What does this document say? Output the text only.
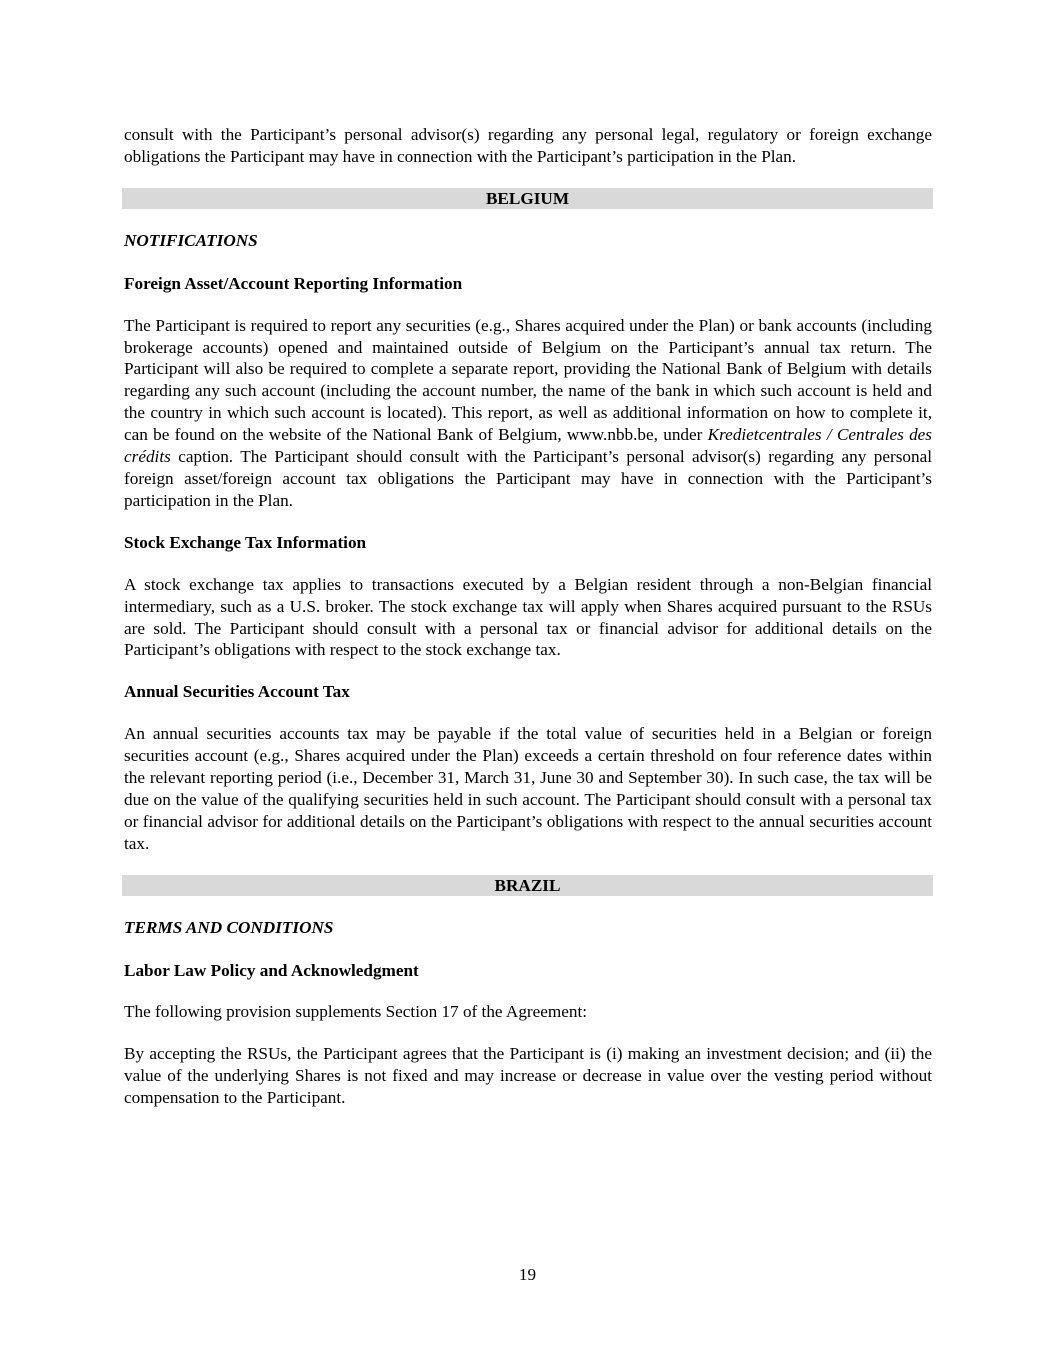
consult with the Participant’s personal advisor(s) regarding any personal legal, regulatory or foreign exchange obligations the Participant may have in connection with the Participant’s participation in the Plan.

BELGIUM
NOTIFICATIONS
Foreign Asset/Account Reporting Information

The Participant is required to report any securities (e.g., Shares acquired under the Plan) or bank accounts (including brokerage accounts) opened and maintained outside of Belgium on the Participant’s annual tax return. The Participant will also be required to complete a separate report, providing the National Bank of Belgium with details regarding any such account (including the account number, the name of the bank in which such account is held and the country in which such account is located). This report, as well as additional information on how to complete it, can be found on the website of the National Bank of Belgium, www.nbb.be, under Kredietcentrales / Centrales des crédits caption. The Participant should consult with the Participant’s personal advisor(s) regarding any personal foreign asset/foreign account tax obligations the Participant may have in connection with the Participant’s participation in the Plan.

Stock Exchange Tax Information

A stock exchange tax applies to transactions executed by a Belgian resident through a non-Belgian financial intermediary, such as a U.S. broker. The stock exchange tax will apply when Shares acquired pursuant to the RSUs are sold. The Participant should consult with a personal tax or financial advisor for additional details on the Participant’s obligations with respect to the stock exchange tax.

Annual Securities Account Tax

An annual securities accounts tax may be payable if the total value of securities held in a Belgian or foreign securities account (e.g., Shares acquired under the Plan) exceeds a certain threshold on four reference dates within the relevant reporting period (i.e., December 31, March 31, June 30 and September 30). In such case, the tax will be due on the value of the qualifying securities held in such account. The Participant should consult with a personal tax or financial advisor for additional details on the Participant’s obligations with respect to the annual securities account tax.

BRAZIL
TERMS AND CONDITIONS
Labor Law Policy and Acknowledgment

The following provision supplements Section 17 of the Agreement:

By accepting the RSUs, the Participant agrees that the Participant is (i) making an investment decision; and (ii) the value of the underlying Shares is not fixed and may increase or decrease in value over the vesting period without compensation to the Participant.

19
